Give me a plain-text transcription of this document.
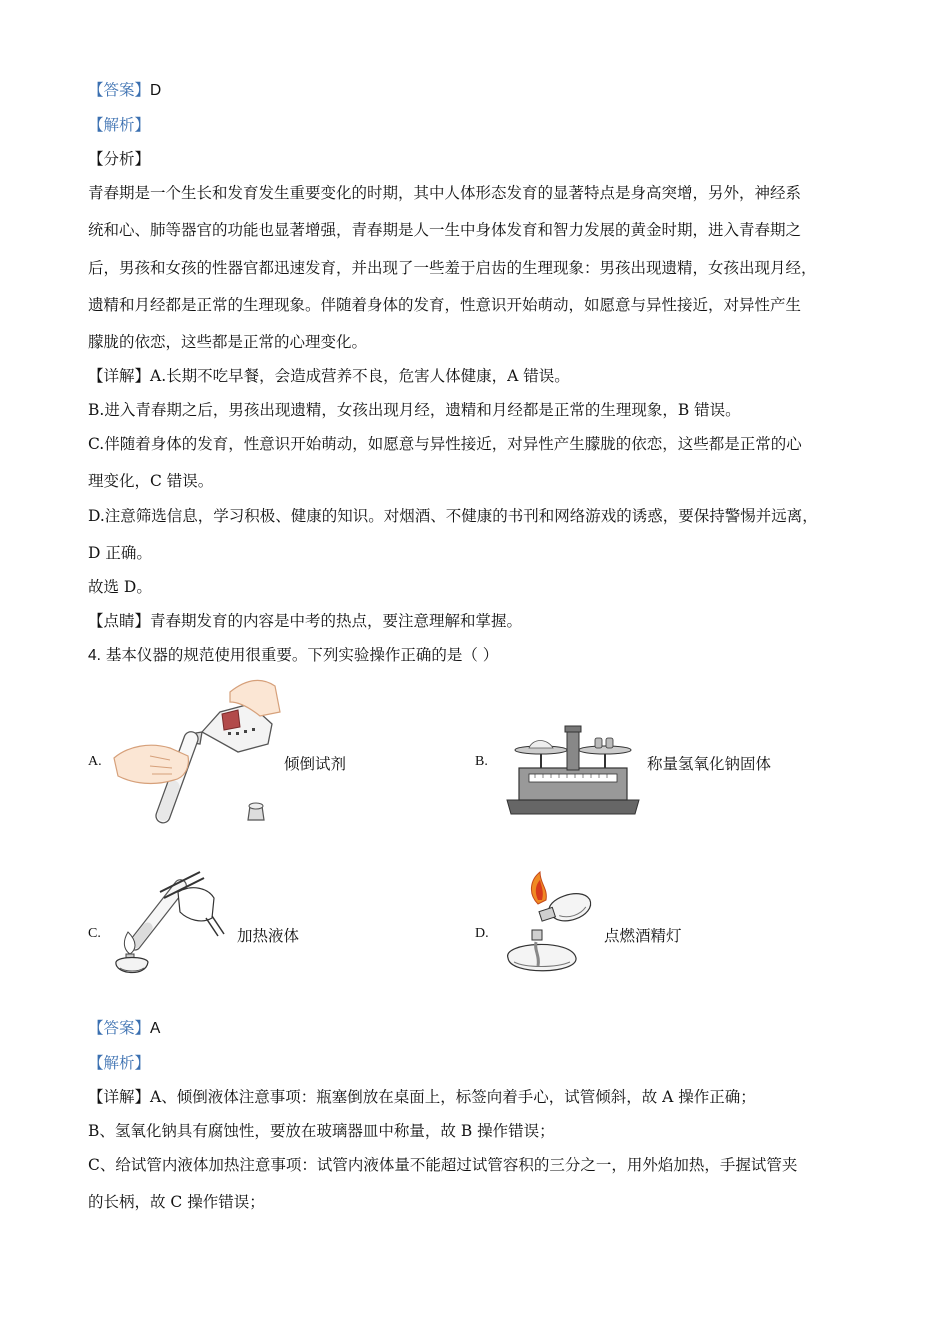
【答案】D
【解析】
【分析】
青春期是一个生长和发育发生重要变化的时期，其中人体形态发育的显著特点是身高突增，另外，神经系
统和心、肺等器官的功能也显著增强，青春期是人一生中身体发育和智力发展的黄金时期，进入青春期之
后，男孩和女孩的性器官都迅速发育，并出现了一些羞于启齿的生理现象：男孩出现遗精，女孩出现月经，
遗精和月经都是正常的生理现象。伴随着身体的发育，性意识开始萌动，如愿意与异性接近，对异性产生
朦胧的依恋，这些都是正常的心理变化。
【详解】A.长期不吃早餐，会造成营养不良，危害人体健康，A 错误。
B.进入青春期之后，男孩出现遗精，女孩出现月经，遗精和月经都是正常的生理现象，B 错误。
C.伴随着身体的发育，性意识开始萌动，如愿意与异性接近，对异性产生朦胧的依恋，这些都是正常的心
理变化，C 错误。
D.注意筛选信息，学习积极、健康的知识。对烟酒、不健康的书刊和网络游戏的诱惑，要保持警惕并远离，
D 正确。
故选 D。
【点睛】青春期发育的内容是中考的热点，要注意理解和掌握。
4. 基本仪器的规范使用很重要。下列实验操作正确的是（ ）
A.	倾倒试剂	B.	称量氢氧化钠固体
C.	加热液体	D.	点燃酒精灯
【答案】A
【解析】
【详解】A、倾倒液体注意事项：瓶塞倒放在桌面上，标签向着手心，试管倾斜，故 A 操作正确；
B、氢氧化钠具有腐蚀性，要放在玻璃器皿中称量，故 B 操作错误；
C、给试管内液体加热注意事项：试管内液体量不能超过试管容积的三分之一，用外焰加热，手握试管夹
的长柄，故 C 操作错误；
